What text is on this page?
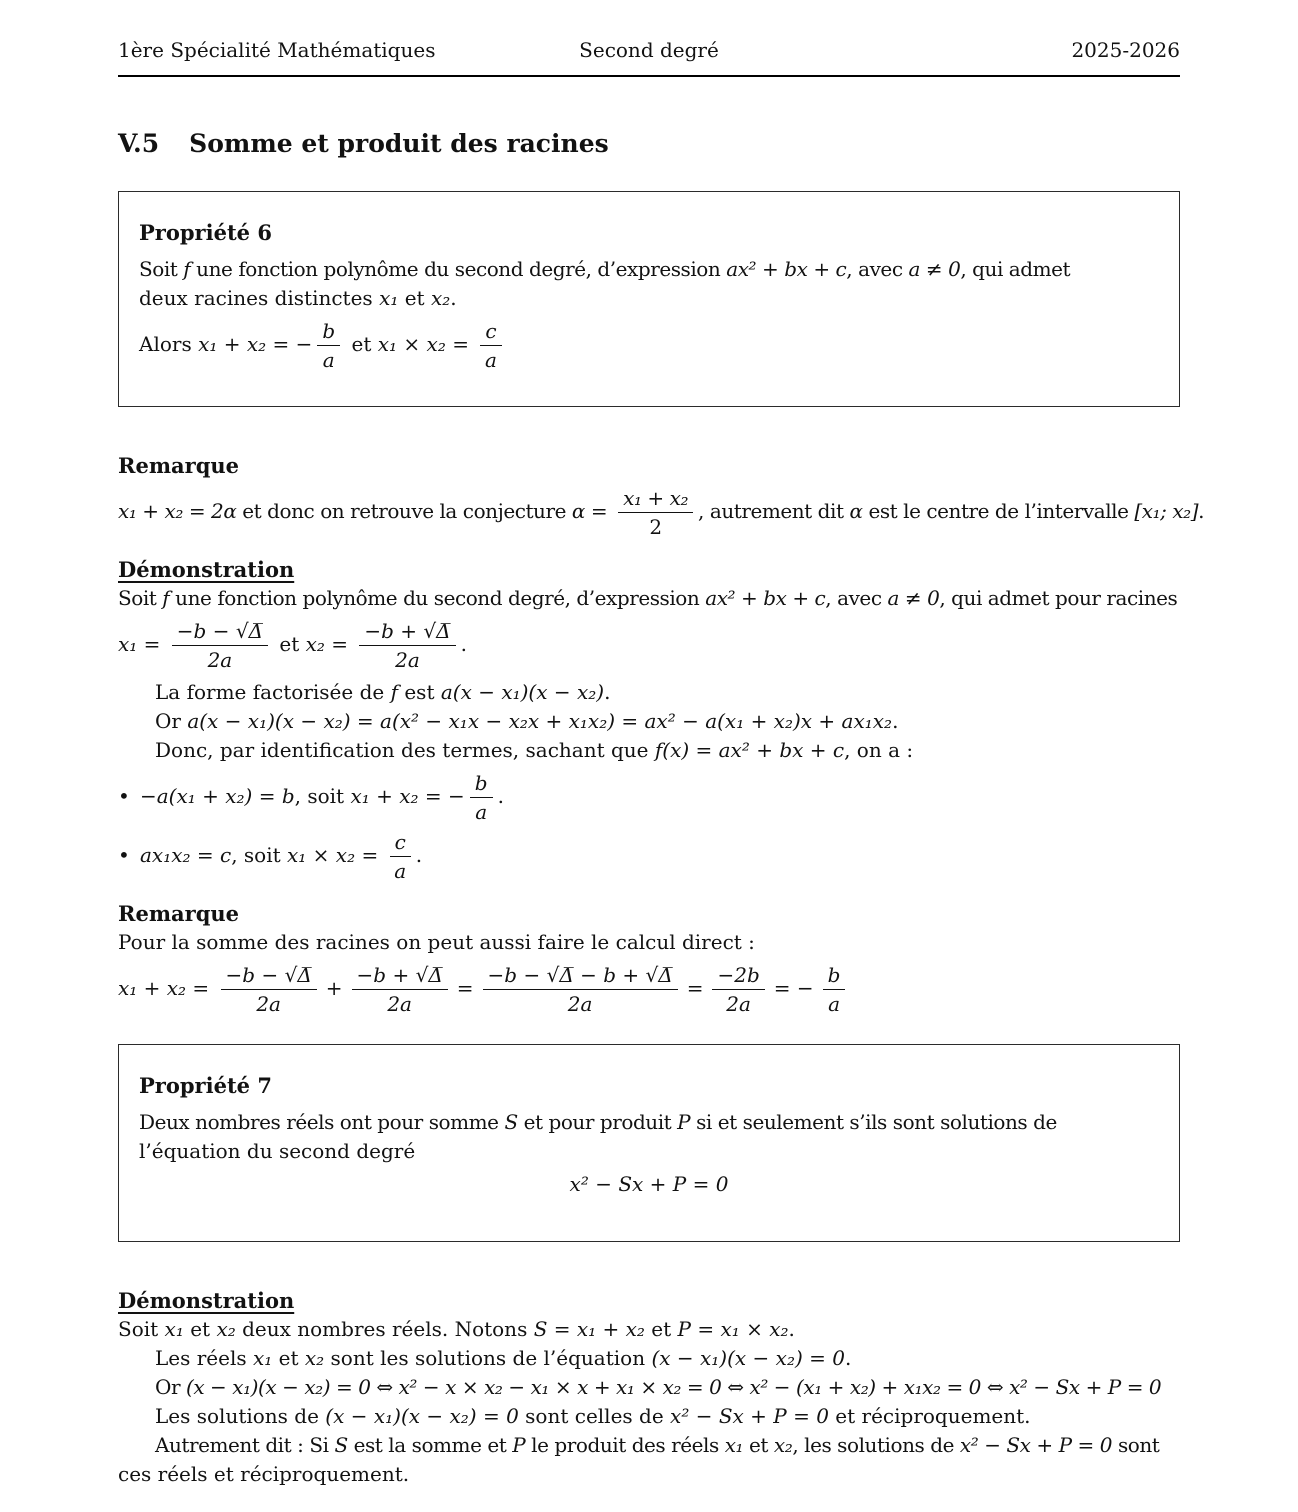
1ère Spécialité Mathématiques	Second degré	2025-2026
V.5 Somme et produit des racines
Propriété 6
Soit f une fonction polynôme du second degré, d’expression ax² + bx + c, avec a ≠ 0, qui admet
deux racines distinctes x₁ et x₂.
Alors x₁ + x₂ = − $\frac{b}{a}$ et $x_1 \times x_2 = \frac{c}{a}$
Remarque
x₁ + x₂ = 2α et donc on retrouve la conjecture $\alpha = \frac{\text{x₁ + x₂}}{2}$ , autrement dit α est le centre de l’intervalle [x₁; x₂].
Démonstration
Soit f une fonction polynôme du second degré, d’expression ax² + bx + c, avec a ≠ 0, qui admet pour racines
$x_1 = \frac{-b - √\Delta̅}{2a}$ et $x_2 = \frac{-b + √\Delta̅}{2a}$ .
La forme factorisée de f est a(x − x₁)(x − x₂).
Or a(x − x₁)(x − x₂) = a(x² − x₁x − x₂x + x₁x₂) = ax² − a(x₁ + x₂)x + ax₁x₂.
Donc, par identification des termes, sachant que f(x) = ax² + bx + c, on a :
• −a(x₁ + x₂) = b, soit x₁ + x₂ = − $\frac{b}{a}$ .
• ax₁x₂ = c, soit $x_1 \times x_2 = \frac{c}{a}$ .
Remarque
Pour la somme des racines on peut aussi faire le calcul direct :
$x_1 + x_2 = \frac{-b - √\Delta̅}{2a} + \frac{-b + √\Delta̅}{2a} = \frac{-b - √\Delta̅ - b + √\Delta̅}{2a} = \frac{-2b}{2a}$ = − $\frac{b}{a}$
Propriété 7
Deux nombres réels ont pour somme S et pour produit P si et seulement s’ils sont solutions de
l’équation du second degré
x² − Sx + P = 0
Démonstration
Soit x₁ et x₂ deux nombres réels. Notons S = x₁ + x₂ et P = x₁ × x₂.
Les réels x₁ et x₂ sont les solutions de l’équation (x − x₁)(x − x₂) = 0.
Or (x − x₁)(x − x₂) = 0 ⇔ x² − x × x₂ − x₁ × x + x₁ × x₂ = 0 ⇔ x² − (x₁ + x₂) + x₁x₂ = 0 ⇔ x² − Sx + P = 0
Les solutions de (x − x₁)(x − x₂) = 0 sont celles de x² − Sx + P = 0 et réciproquement.
Autrement dit : Si S est la somme et P le produit des réels x₁ et x₂, les solutions de x² − Sx + P = 0 sont
ces réels et réciproquement.
